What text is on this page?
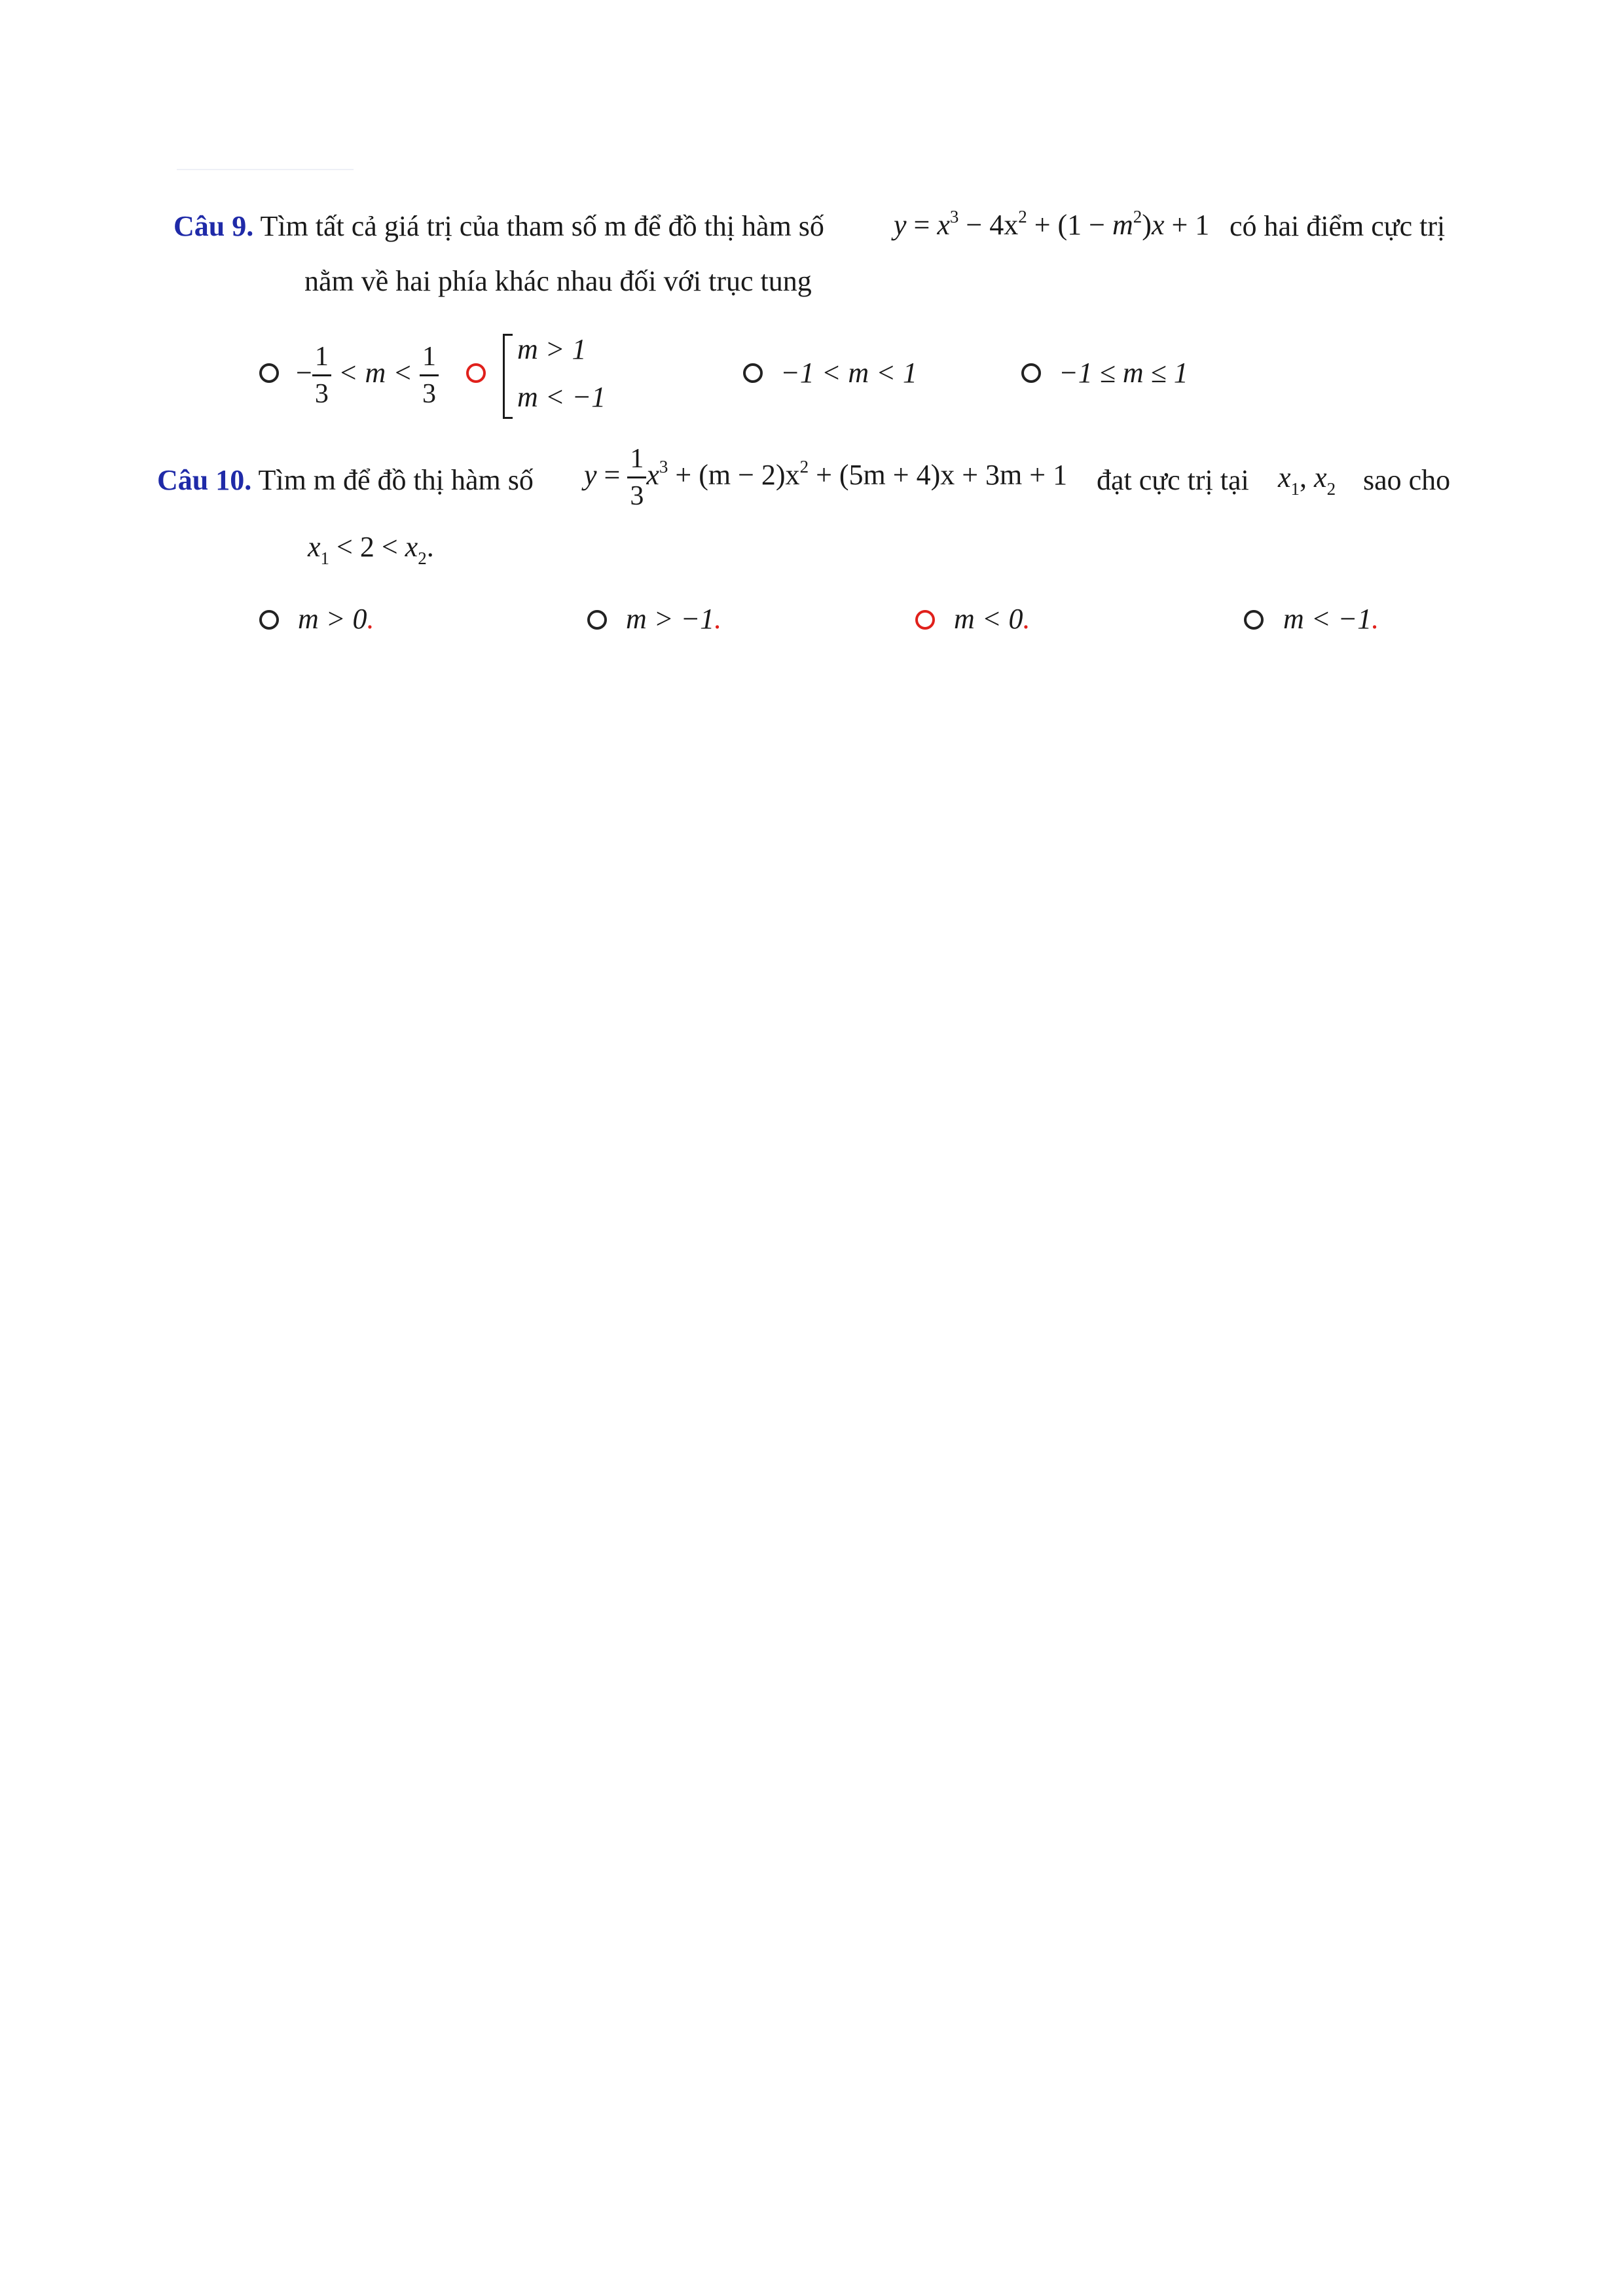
Câu 9. Tìm tất cả giá trị của tham số m để đồ thị hàm số $y = x^3 - 4x^2 + (1 - m^2)x + 1$ có hai điểm cực trị
nằm về hai phía khác nhau đối với trục tung
− $\frac{1}{3} < m < \frac{1}{3}$	m > 1
m < −1
−1 < m < 1	−1 ≤ m ≤ 1
Câu 10. Tìm m để đồ thị hàm số $y = \frac{1}{3} x^3 + (m - 2)x^2 + (5m + 4)x + 3m + 1$ đạt cực trị tại $x_1$, $x_2$ sao cho
$x_1 < 2 < x_2$.
m > 0.	m > −1.	m < 0.	m < −1.
